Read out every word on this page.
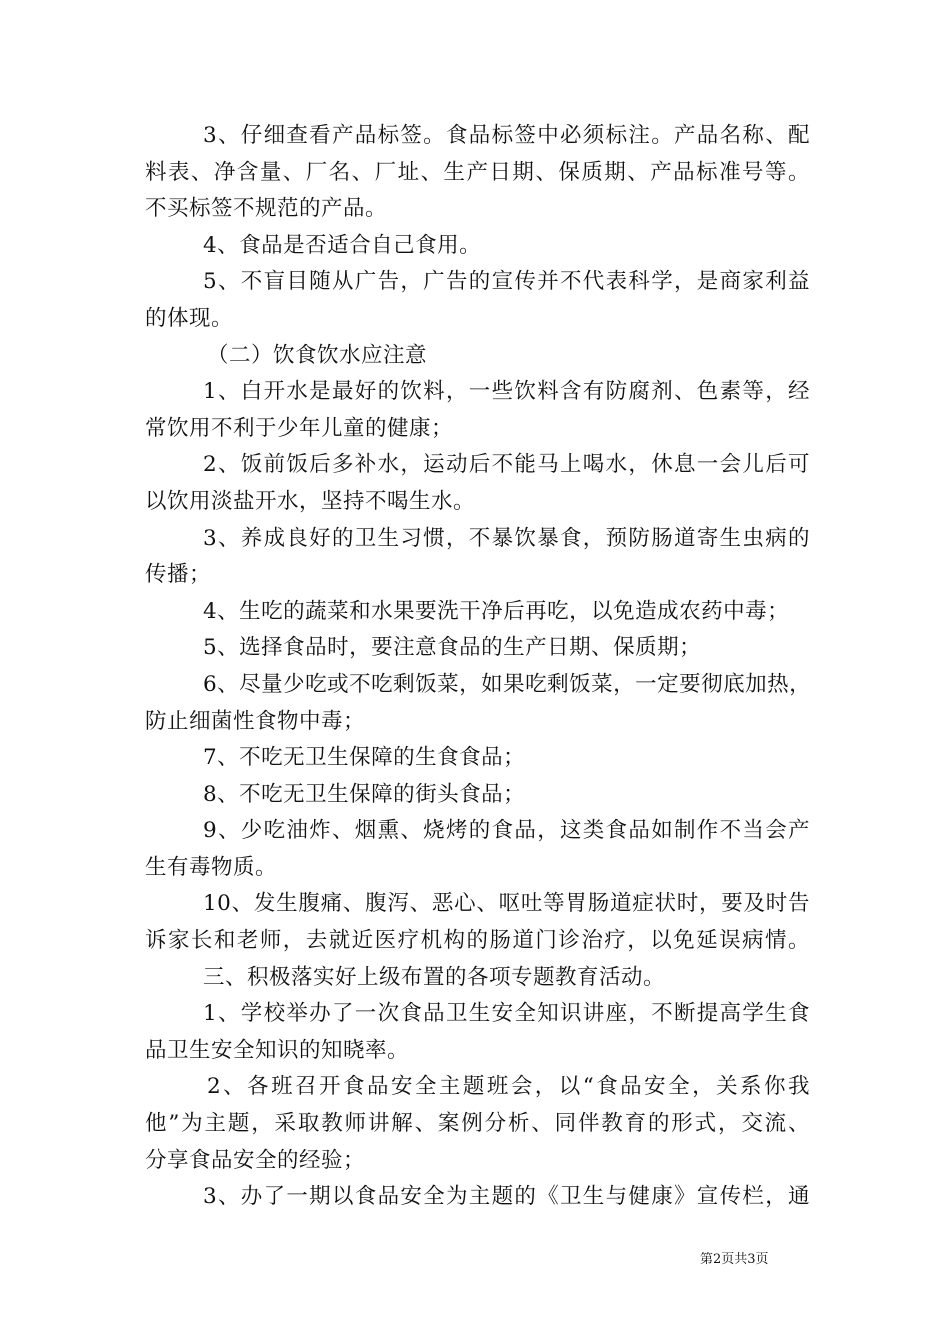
3、仔细查看产品标签。食品标签中必须标注。产品名称、配
料表、净含量、厂名、厂址、生产日期、保质期、产品标准号等。
不买标签不规范的产品。
4、食品是否适合自己食用。
5、不盲目随从广告，广告的宣传并不代表科学，是商家利益
的体现。
（二）饮食饮水应注意
1、白开水是最好的饮料，一些饮料含有防腐剂、色素等，经
常饮用不利于少年儿童的健康；
2、饭前饭后多补水，运动后不能马上喝水，休息一会儿后可
以饮用淡盐开水，坚持不喝生水。
3、养成良好的卫生习惯，不暴饮暴食，预防肠道寄生虫病的
传播；
4、生吃的蔬菜和水果要洗干净后再吃，以免造成农药中毒；
5、选择食品时，要注意食品的生产日期、保质期；
6、尽量少吃或不吃剩饭菜，如果吃剩饭菜，一定要彻底加热，
防止细菌性食物中毒；
7、不吃无卫生保障的生食食品；
8、不吃无卫生保障的街头食品；
9、少吃油炸、烟熏、烧烤的食品，这类食品如制作不当会产
生有毒物质。
10、发生腹痛、腹泻、恶心、呕吐等胃肠道症状时，要及时告
诉家长和老师，去就近医疗机构的肠道门诊治疗，以免延误病情。
三、积极落实好上级布置的各项专题教育活动。
1、学校举办了一次食品卫生安全知识讲座，不断提高学生食
品卫生安全知识的知晓率。
2、各班召开食品安全主题班会，以“食品安全，关系你我
他”为主题，采取教师讲解、案例分析、同伴教育的形式，交流、
分享食品安全的经验；
3、办了一期以食品安全为主题的《卫生与健康》宣传栏，通
第2页共3页
